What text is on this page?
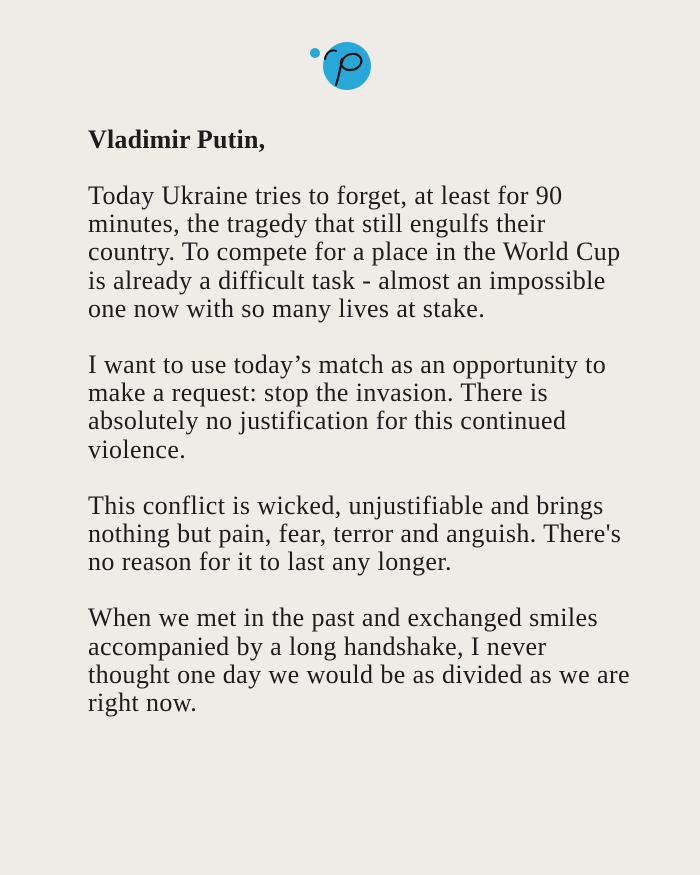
Vladimir Putin,

Today Ukraine tries to forget, at least for 90 minutes, the tragedy that still engulfs their country. To compete for a place in the World Cup is already a difficult task - almost an impossible one now with so many lives at stake.

I want to use today’s match as an opportunity to make a request: stop the invasion. There is absolutely no justification for this continued violence.

This conflict is wicked, unjustifiable and brings nothing but pain, fear, terror and anguish. There's no reason for it to last any longer.

When we met in the past and exchanged smiles accompanied by a long handshake, I never thought one day we would be as divided as we are right now.
